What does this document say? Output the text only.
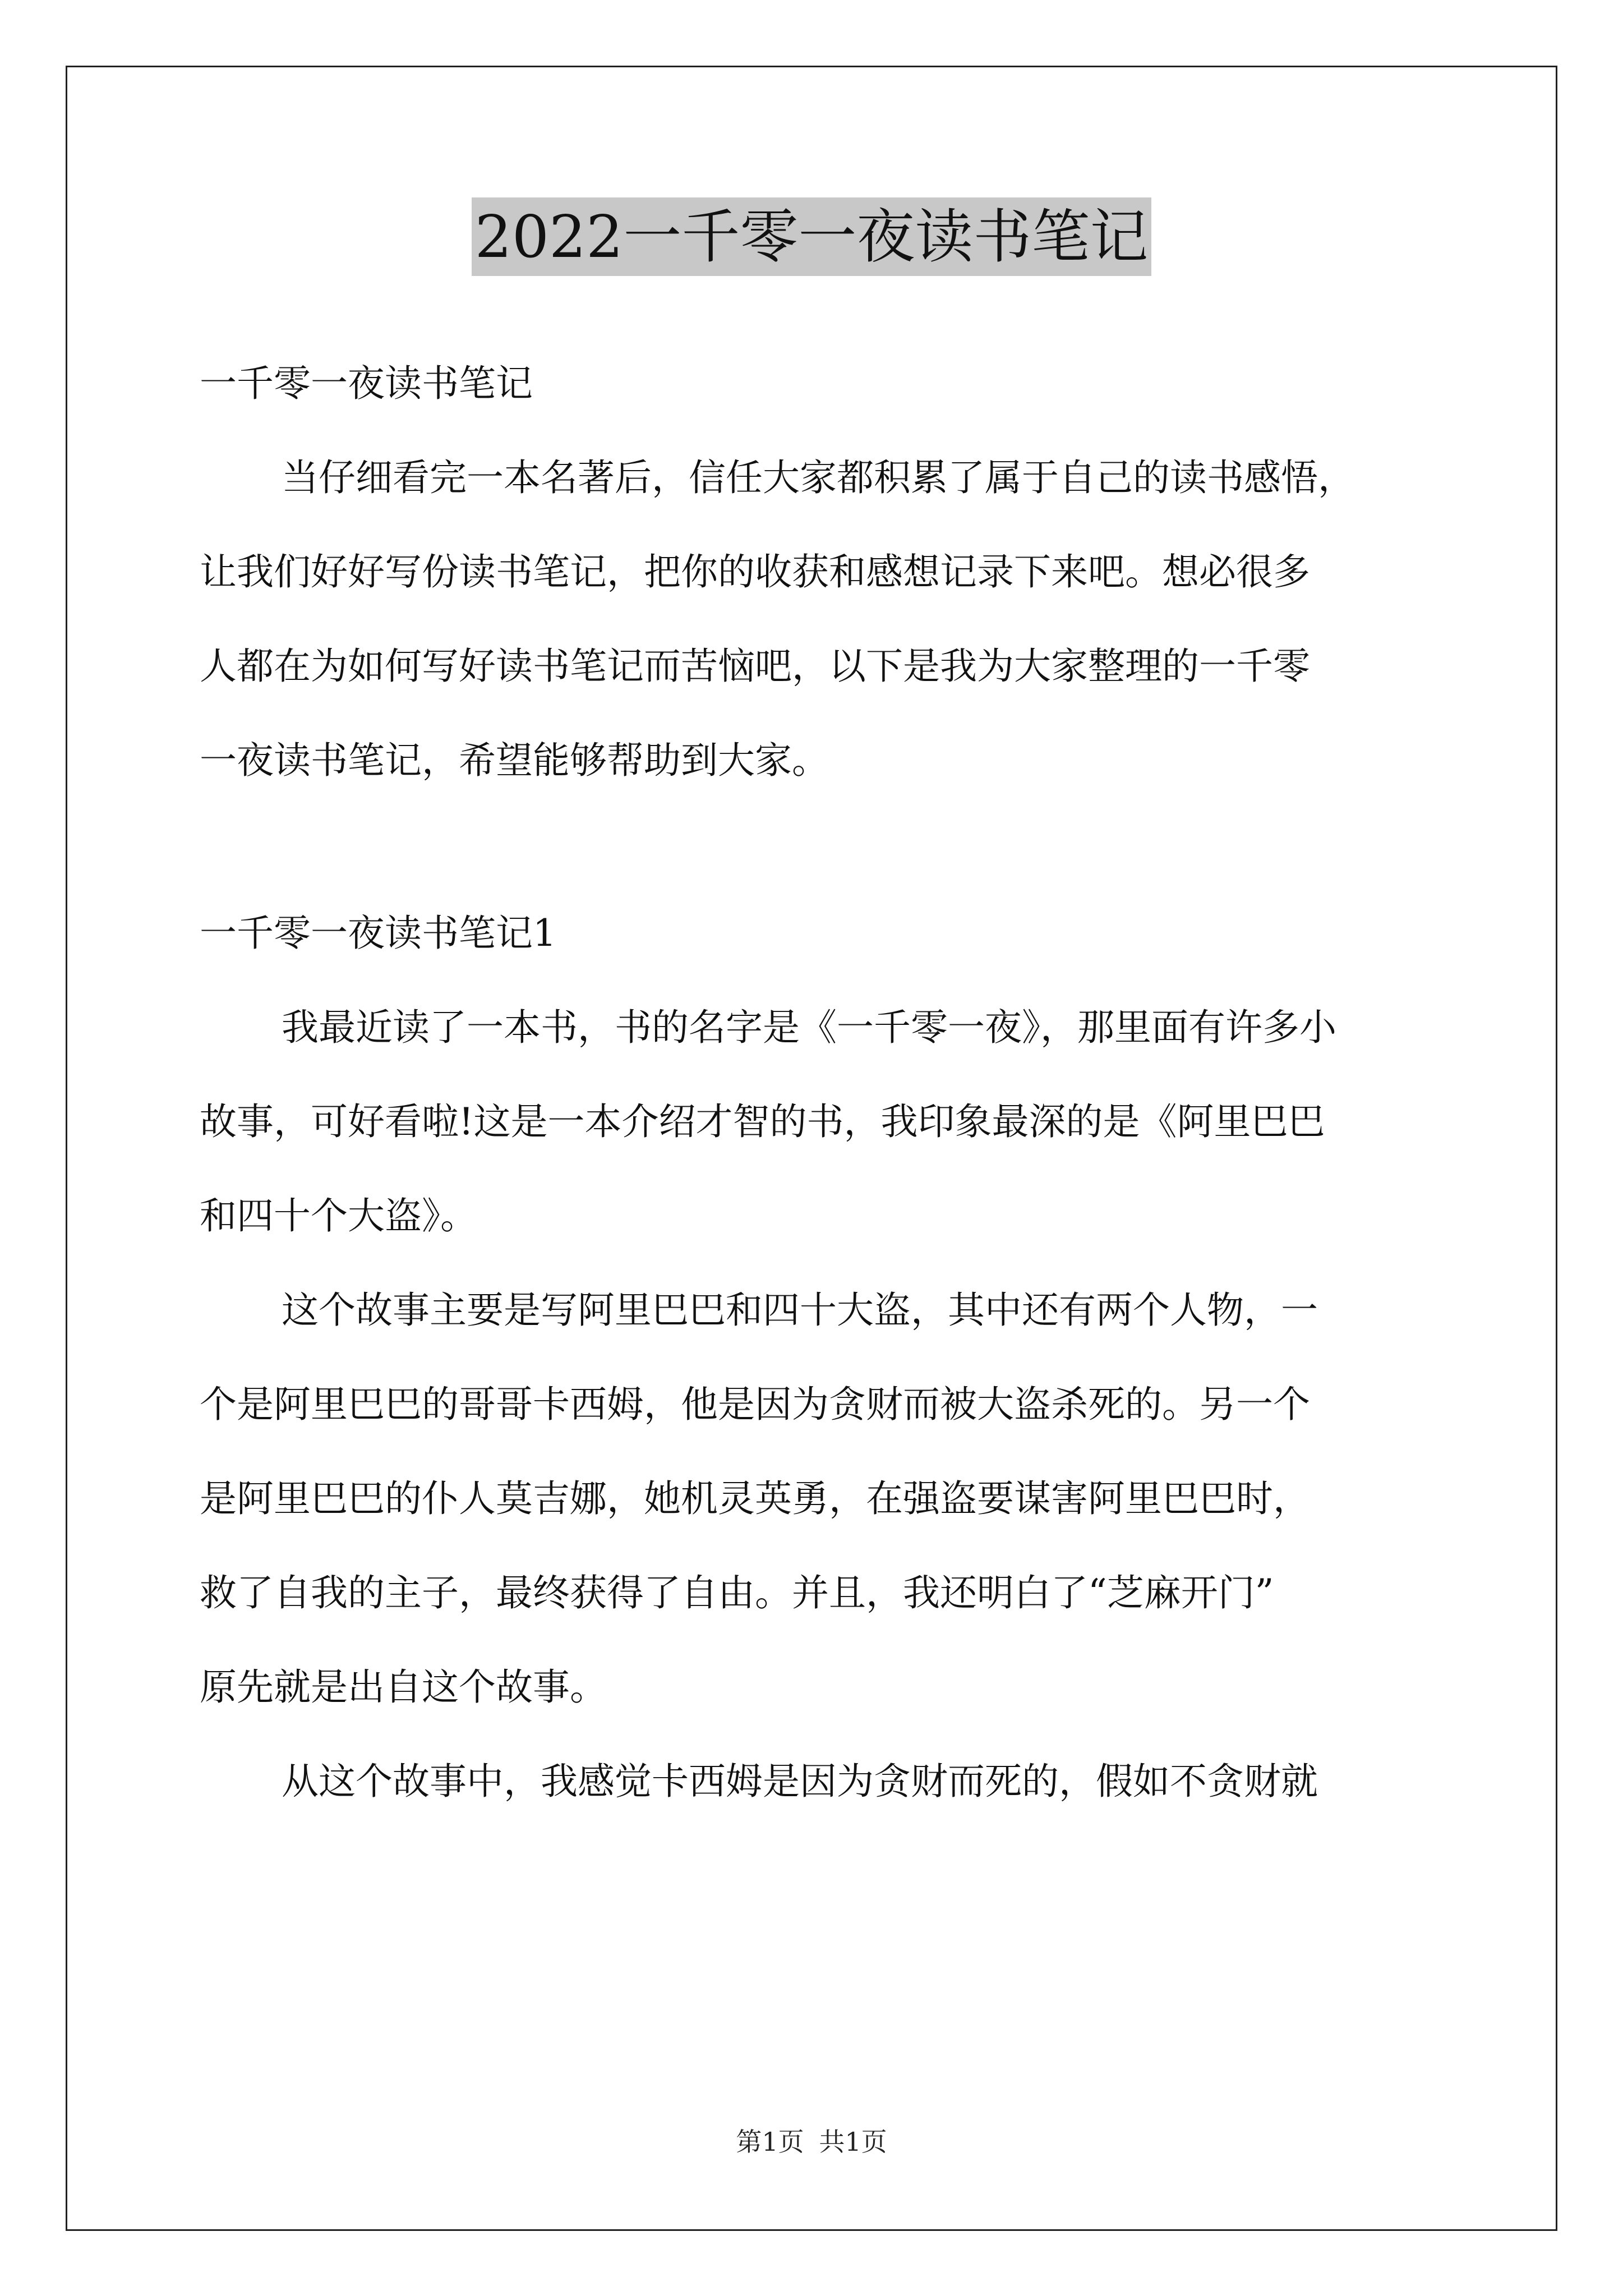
2022一千零一夜读书笔记

一千零一夜读书笔记

当仔细看完一本名著后，信任大家都积累了属于自己的读书感悟，

让我们好好写份读书笔记，把你的收获和感想记录下来吧。想必很多

人都在为如何写好读书笔记而苦恼吧，以下是我为大家整理的一千零

一夜读书笔记，希望能够帮助到大家。

一千零一夜读书笔记1

我最近读了一本书，书的名字是《一千零一夜》，那里面有许多小

故事，可好看啦!这是一本介绍才智的书，我印象最深的是《阿里巴巴

和四十个大盗》。

这个故事主要是写阿里巴巴和四十大盗，其中还有两个人物，一

个是阿里巴巴的哥哥卡西姆，他是因为贪财而被大盗杀死的。另一个

是阿里巴巴的仆人莫吉娜，她机灵英勇，在强盗要谋害阿里巴巴时，

救了自我的主子，最终获得了自由。并且，我还明白了“芝麻开门”

原先就是出自这个故事。

从这个故事中，我感觉卡西姆是因为贪财而死的，假如不贪财就

第1页 共1页
